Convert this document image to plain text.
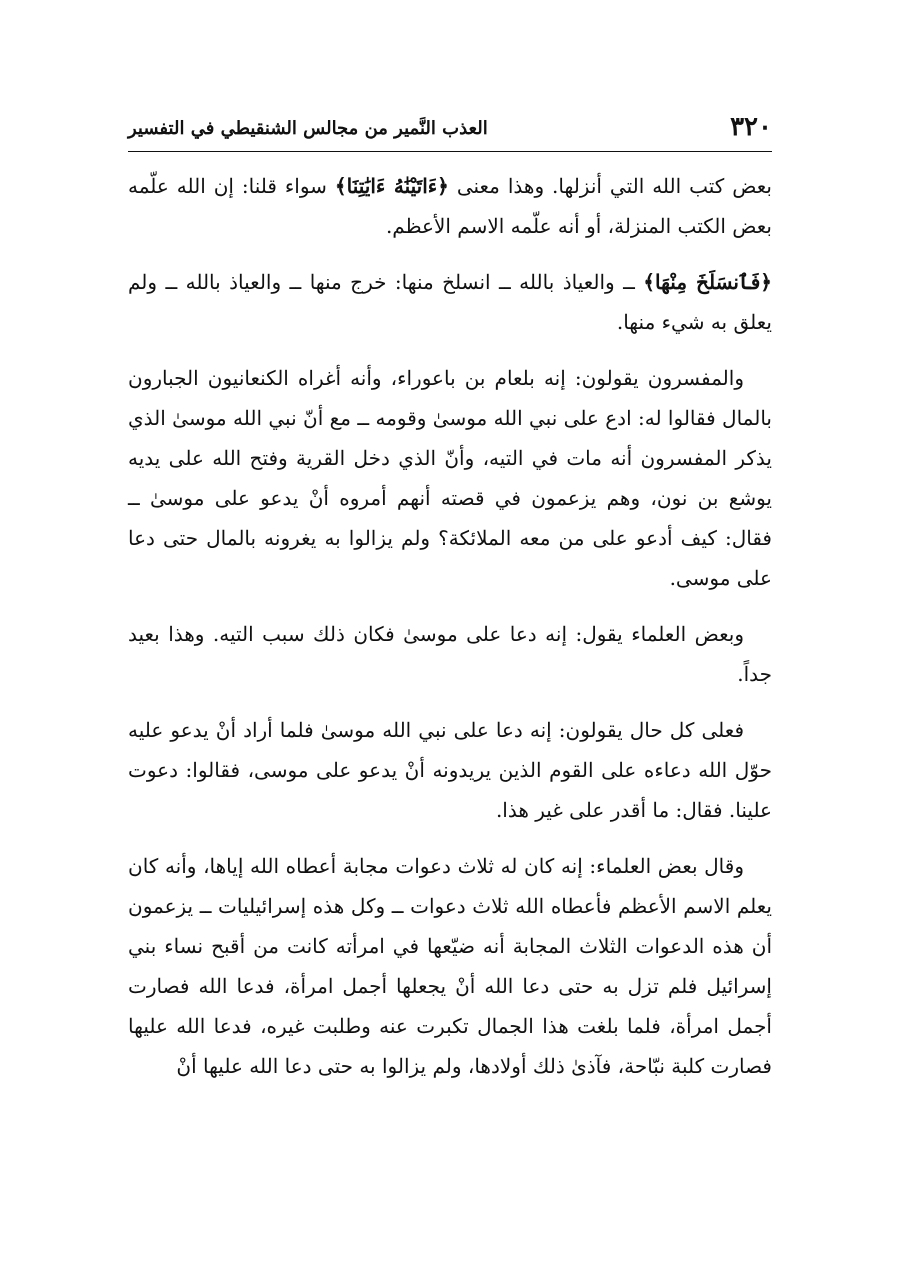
٣٢٠
العذب النَّمير من مجالس الشنقيطي في التفسير

بعض كتب الله التي أنزلها. وهذا معنى ﴿ءَاتَيْنَٰهُ ءَايَٰتِنَا﴾ سواء قلنا: إن الله علّمه بعض الكتب المنزلة، أو أنه علّمه الاسم الأعظم.

﴿فَٱنسَلَخَ مِنْهَا﴾ ــ والعياذ بالله ــ انسلخ منها: خرج منها ــ والعياذ بالله ــ ولم يعلق به شيء منها.

والمفسرون يقولون: إنه بلعام بن باعوراء، وأنه أغراه الكنعانيون الجبارون بالمال فقالوا له: ادع على نبي الله موسىٰ وقومه ــ مع أنّ نبي الله موسىٰ الذي يذكر المفسرون أنه مات في التيه، وأنّ الذي دخل القرية وفتح الله على يديه يوشع بن نون، وهم يزعمون في قصته أنهم أمروه أنْ يدعو على موسىٰ ــ فقال: كيف أدعو على من معه الملائكة؟ ولم يزالوا به يغرونه بالمال حتى دعا على موسى.

وبعض العلماء يقول: إنه دعا على موسىٰ فكان ذلك سبب التيه. وهذا بعيد جداً.

فعلى كل حال يقولون: إنه دعا على نبي الله موسىٰ فلما أراد أنْ يدعو عليه حوّل الله دعاءه على القوم الذين يريدونه أنْ يدعو على موسى، فقالوا: دعوت علينا. فقال: ما أقدر على غير هذا.

وقال بعض العلماء: إنه كان له ثلاث دعوات مجابة أعطاه الله إياها، وأنه كان يعلم الاسم الأعظم فأعطاه الله ثلاث دعوات ــ وكل هذه إسرائيليات ــ يزعمون أن هذه الدعوات الثلاث المجابة أنه ضيّعها في امرأته كانت من أقبح نساء بني إسرائيل فلم تزل به حتى دعا الله أنْ يجعلها أجمل امرأة، فدعا الله فصارت أجمل امرأة، فلما بلغت هذا الجمال تكبرت عنه وطلبت غيره، فدعا الله عليها فصارت كلبة نبّاحة، فآذىٰ ذلك أولادها، ولم يزالوا به حتى دعا الله عليها أنْ
